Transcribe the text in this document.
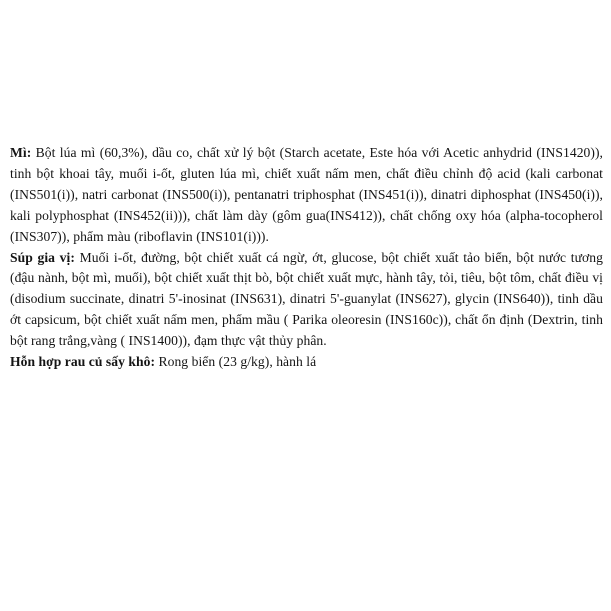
Mì: Bột lúa mì (60,3%), dầu co, chất xử lý bột (Starch acetate, Este hóa với Acetic anhydrid (INS1420)), tinh bột khoai tây, muối i-ốt, gluten lúa mì, chiết xuất nấm men, chất điều chỉnh độ acid (kali carbonat (INS501(i)), natri carbonat (INS500(i)), pentanatri triphosphat (INS451(i)), dinatri diphosphat (INS450(i)), kali polyphosphat (INS452(ii))), chất làm dày (gôm gua(INS412)), chất chống oxy hóa (alpha-tocopherol (INS307)), phẩm màu (riboflavin (INS101(i))).

Súp gia vị: Muối i-ốt, đường, bột chiết xuất cá ngừ, ớt, glucose, bột chiết xuất tảo biển, bột nước tương (đậu nành, bột mì, muối), bột chiết xuất thịt bò, bột chiết xuất mực, hành tây, tỏi, tiêu, bột tôm, chất điều vị (disodium succinate, dinatri 5'-inosinat (INS631), dinatri 5'-guanylat (INS627), glycin (INS640)), tinh dầu ớt capsicum, bột chiết xuất nấm men, phẩm mầu ( Parika oleoresin (INS160c)), chất ổn định (Dextrin, tinh bột rang trắng,vàng ( INS1400)), đạm thực vật thủy phân.

Hỗn hợp rau củ sấy khô: Rong biển (23 g/kg), hành lá
